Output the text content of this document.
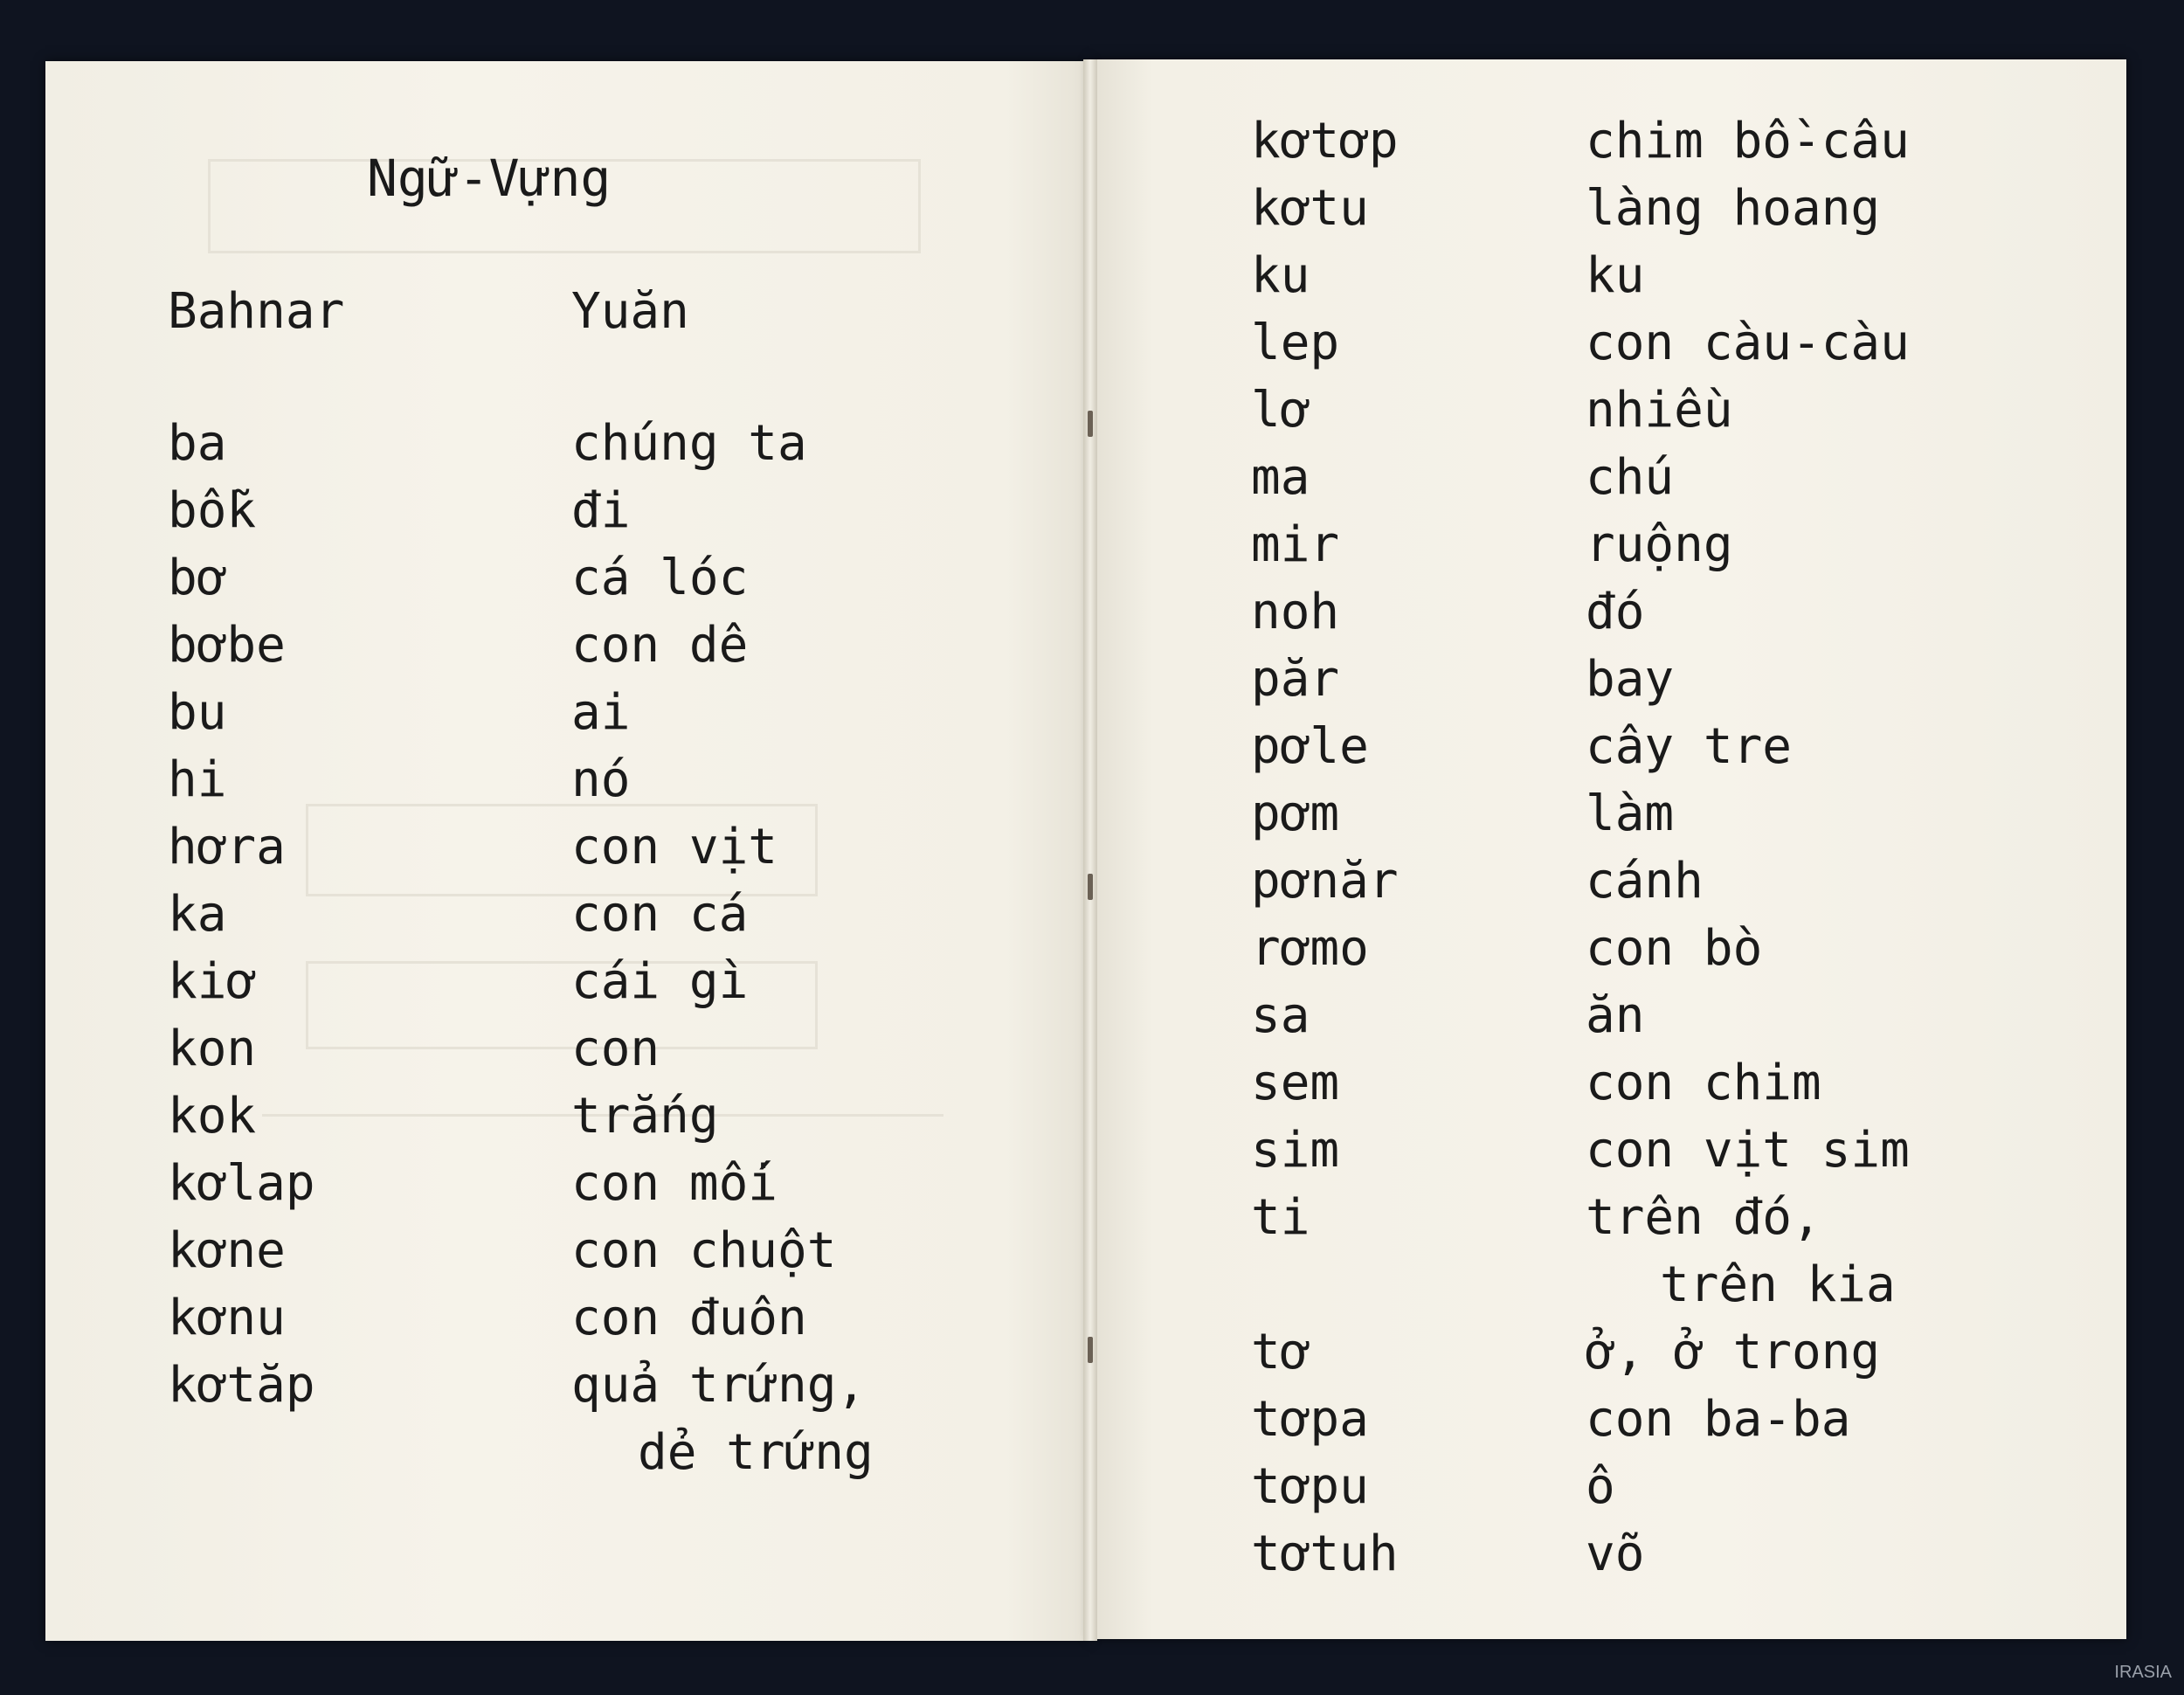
Ngữ-Vựng
Bahnar	Yuăn
ba	chúng ta
bỗk	đi
bơ	cá lóc
bơbe	con dê
bu	ai
hi	nó
hơra	con vịt
ka	con cá
kiơ	cái gì
kon	con
kok	trắng
kơlap	con mối
kơne	con chuột
kơnu	con đuôn
kơtăp	quả trứng,
dẻ trứng
kơtơp	chim bồ-câu
kơtu	làng hoang
ku	ku
lep	con càu-càu
lơ	nhiều
ma	chú
mir	ruộng
noh	đó
păr	bay
pơle	cây tre
pơm	làm
pơnăr	cánh
rơmo	con bò
sa	ăn
sem	con chim
sim	con vịt sim
ti	trên đó,
trên kia
tơ	ở, ở trong
tơpa	con ba-ba
tơpu	ô
tơtuh	võ
IRASIA
